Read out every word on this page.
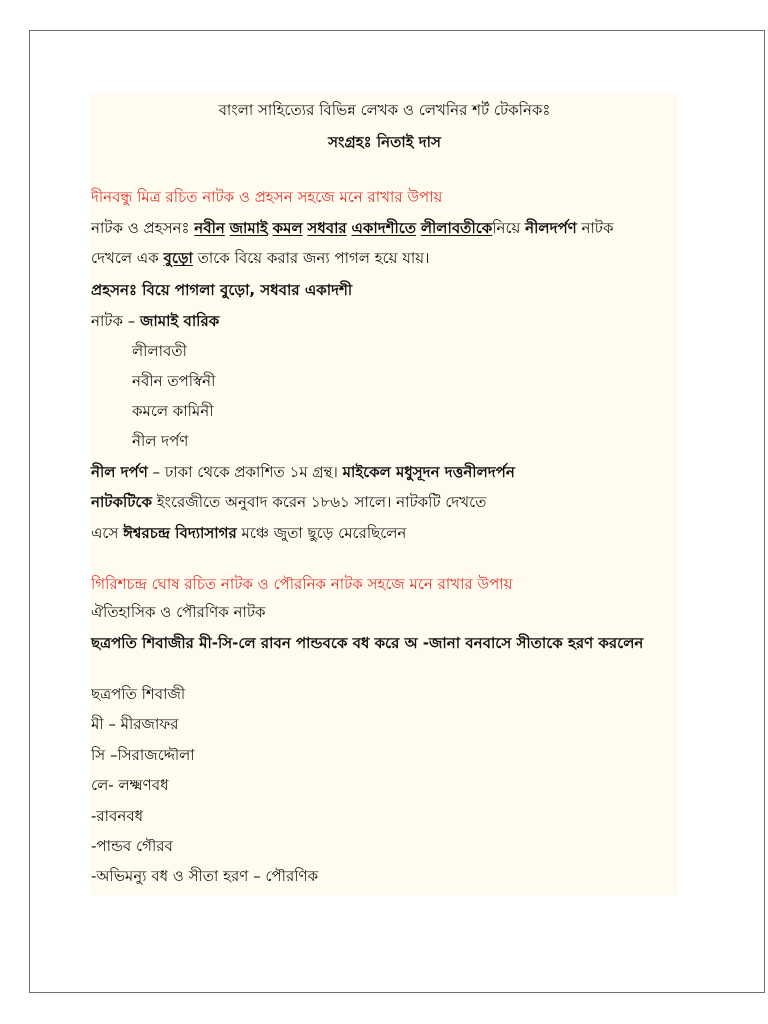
বাংলা সাহিত্যের বিভিন্ন লেখক ও লেখনির শর্ট টেকনিকঃ
সংগ্রহঃ নিতাই দাস
দীনবন্ধু মিত্র রচিত নাটক ও প্রহসন সহজে মনে রাখার উপায়
নাটক ও প্রহসনঃ নবীন জামাই কমল সধবার একাদশীতে লীলাবতীকেনিয়ে নীলদর্পণ নাটক
দেখলে এক বুড়ো তাকে বিয়ে করার জন্য পাগল হয়ে যায়।
প্রহসনঃ বিয়ে পাগলা বুড়ো, সধবার একাদশী
নাটক – জামাই বারিক
লীলাবতী
নবীন তপস্বিনী
কমলে কামিনী
নীল দর্পণ
নীল দর্পণ – ঢাকা থেকে প্রকাশিত ১ম গ্রন্থ। মাইকেল মধুসূদন দত্তনীলদর্পন
নাটকটিকে ইংরেজীতে অনুবাদ করেন ১৮৬১ সালে। নাটকটি দেখতে
এসে ঈশ্বরচন্দ্র বিদ্যাসাগর মঞ্চে জুতা ছুড়ে মেরেছিলেন
গিরিশচন্দ্র ঘোষ রচিত নাটক ও পৌরনিক নাটক সহজে মনে রাখার উপায়
ঐতিহাসিক ও পৌরণিক নাটক
ছত্রপতি শিবাজীর মী-সি-লে রাবন পান্ডবকে বধ করে অ -জানা বনবাসে সীতাকে হরণ করলেন
ছত্রপতি শিবাজী
মী – মীরজাফর
সি –সিরাজদ্দৌলা
লে- লক্ষ্মণবধ
-রাবনবধ
-পান্ডব গৌরব
-অভিমন্যু বধ ও সীতা হরণ – পৌরণিক
